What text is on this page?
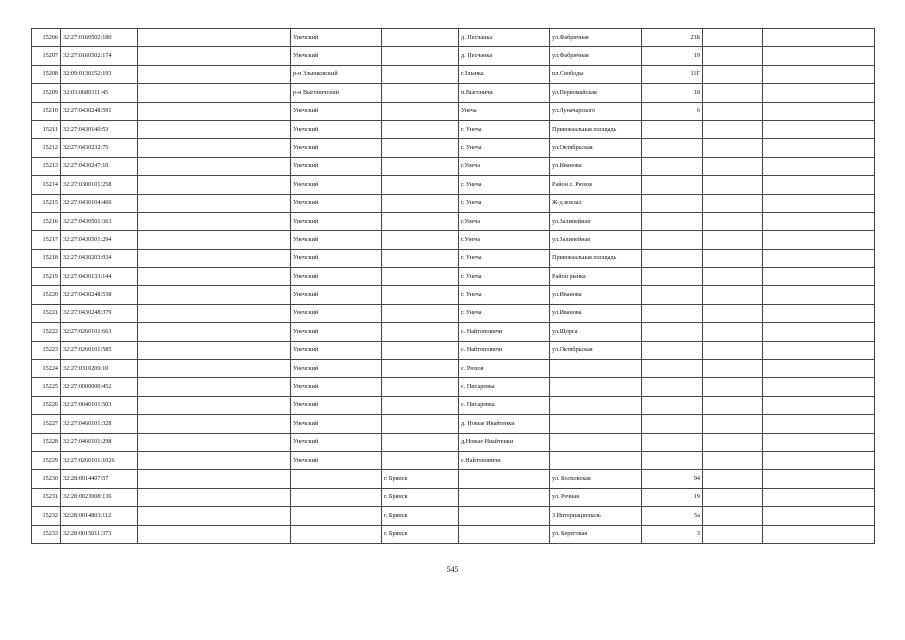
15206	32:27:0160502:180		Унечский		д. Песчанка	ул.Фабричная	23Б		
15207	32:27:0160502:174		Унечский		д. Песчанка	ул.Фабричная	19		
15208	32:09:0130152:193		р-н Злынковский		г.Злынка	пл.Свободы	11Г		
15209	32:03:0680311:45		р-н Выгоничский		п.Выгоничи	ул.Первомайская	18		
15210	32:27:0430248:591		Унечский		Унеча	ул.Луначарского	6		
15211	32:27:0430140:53		Унечский		г. Унеча	Привокзальная площадь			
15212	32:27:0430232:75		Унечский		г. Унеча	ул.Октябрьская			
15213	32:27:0430247:10		Унечский		г.Унеча	ул.Иванова			
15214	32:27:0300101:258		Унечский		г. Унеча	Район с. Рюхов			
15215	32:27:0430104:460		Унечский		г. Унеча	Ж-д вокзал			
15216	32:27:0430501:363		Унечский		г.Унеча	ул.Залинейная			
15217	32:27:0430501:294		Унечский		г.Унеча	ул.Залинейная			
15218	32:27:0430203:934		Унечский		г. Унеча	Привокзальная площадь			
15219	32:27:0430133:144		Унечский		г. Унеча	Район рынка			
15220	32:27:0430248:538		Унечский		г. Унеча	ул.Иванова			
15221	32:27:0430248:379		Унечский		г. Унеча	ул.Иванова			
15222	32:27:0260101:663		Унечский		с. Найтоповичи	ул.Щорса			
15223	32:27:0260101:585		Унечский		с. Найтоповичи	ул.Октябрьская			
15224	32:27:0310209:10		Унечский		с. Рюхов				
15225	32:27:0000000:452		Унечский		с. Писаревка				
15226	32:27:0040101:503		Унечский		с. Писаревка				
15227	32:27:0460101:328		Унечский		д. Новые Ивайтенки				
15228	32:27:0460101:298		Унечский		д.Новые Ивайтенки				
15229	32:27:0260101:1026		Унечский		с.Найтоповичи				
15230	32:28:0014407:57			г. Брянск		ул. Болховская	94		
15231	32:28:0023008:136			г. Брянск		ул. Речная	19		
15232	32:28:0014803:112			г. Брянск		3 Интернациональ	5а		
15233	32:28:0015011:373			г. Брянск		ул. Береговая	3		
545
